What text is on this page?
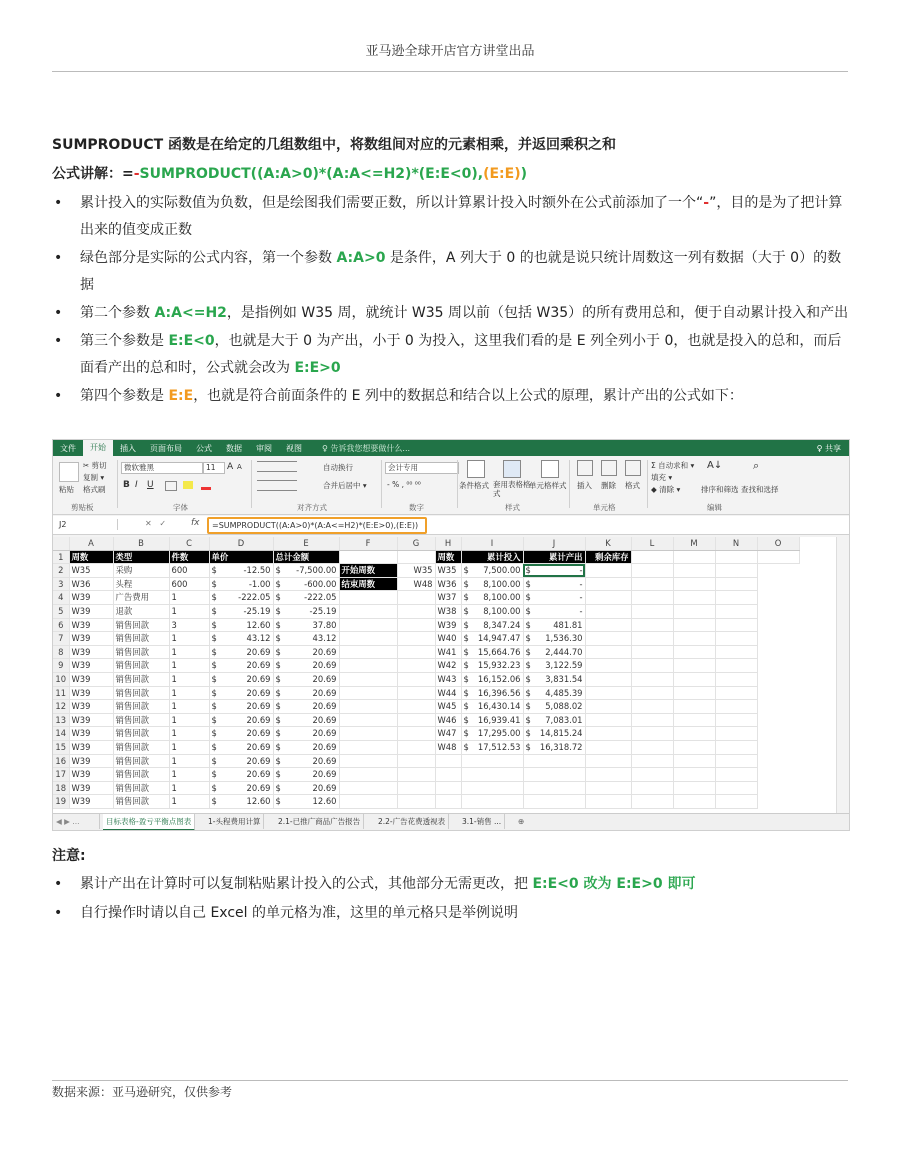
亚马逊全球开店官方讲堂出品
SUMPRODUCT 函数是在给定的几组数组中，将数组间对应的元素相乘，并返回乘积之和
公式讲解：=-SUMPRODUCT((A:A>0)*(A:A<=H2)*(E:E<0),(E:E))
• 累计投入的实际数值为负数，但是绘图我们需要正数，所以计算累计投入时额外在公式前添加了一个“-”，目的是为了把计算出来的值变成正数
• 绿色部分是实际的公式内容，第一个参数 A:A>0 是条件，A 列大于 0 的也就是说只统计周数这一列有数据（大于 0）的数据
• 第二个参数 A:A<=H2，是指例如 W35 周，就统计 W35 周以前（包括 W35）的所有费用总和，便于自动累计投入和产出
• 第三个参数是 E:E<0，也就是大于 0 为产出，小于 0 为投入，这里我们看的是 E 列全列小于 0，也就是投入的总和，而后面看产出的总和时，公式就会改为 E:E>0
• 第四个参数是 E:E，也就是符合前面条件的 E 列中的数据总和结合以上公式的原理，累计产出的公式如下：
文件	开始	插入	页面布局	公式	数据	审阅	视图	♀ 告诉我您想要做什么...	♀ 共享
粘贴
✂ 剪切
复制 ▾
格式刷
剪贴板
微软雅黑	11	A A
B I U
字体
自动换行
合并后居中 ▾
对齐方式
会计专用
- % , ⁰⁰ ⁰⁰
数字
条件格式 套用表格格式
单元格样式
样式
插入 删除 格式
单元格
Σ 自动求和 ▾
填充 ▾
◆ 清除 ▾
A↓
排序和筛选
⌕
查找和选择
编辑
J2	✕   ✓	fx	=SUMPRODUCT((A:A>0)*(A:A<=H2)*(E:E>0),(E:E))
	A	B	C	D	E	F	G	H	I	J	K	L	M	N	O
1	周数	类型	件数	单价	总计金额			周数	累计投入	累计产出	剩余库存				
2	W35	采购	600	$ -12.50	$ -7,500.00	开始周数	W35	W35	$ 7,500.00	$ -					
3	W36	头程	600	$ -1.00	$ -600.00	结束周数	W48	W36	$ 8,100.00	$ -					
4	W39	广告费用	1	$ -222.05	$ -222.05			W37	$ 8,100.00	$ -					
5	W39	退款	1	$ -25.19	$ -25.19			W38	$ 8,100.00	$ -					
6	W39	销售回款	3	$ 12.60	$ 37.80			W39	$ 8,347.24	$ 481.81					
7	W39	销售回款	1	$ 43.12	$ 43.12			W40	$ 14,947.47	$ 1,536.30					
8	W39	销售回款	1	$ 20.69	$ 20.69			W41	$ 15,664.76	$ 2,444.70					
9	W39	销售回款	1	$ 20.69	$ 20.69			W42	$ 15,932.23	$ 3,122.59					
10	W39	销售回款	1	$ 20.69	$ 20.69			W43	$ 16,152.06	$ 3,831.54					
11	W39	销售回款	1	$ 20.69	$ 20.69			W44	$ 16,396.56	$ 4,485.39					
12	W39	销售回款	1	$ 20.69	$ 20.69			W45	$ 16,430.14	$ 5,088.02					
13	W39	销售回款	1	$ 20.69	$ 20.69			W46	$ 16,939.41	$ 7,083.01					
14	W39	销售回款	1	$ 20.69	$ 20.69			W47	$ 17,295.00	$ 14,815.24					
15	W39	销售回款	1	$ 20.69	$ 20.69			W48	$ 17,512.53	$ 16,318.72					
16	W39	销售回款	1	$ 20.69	$ 20.69										
17	W39	销售回款	1	$ 20.69	$ 20.69										
18	W39	销售回款	1	$ 20.69	$ 20.69										
19	W39	销售回款	1	$ 12.60	$ 12.60										
◀ ▶ ...	目标表格-盈亏平衡点图表	1-头程费用计算	2.1-已推广商品广告报告	2.2-广告花费透视表	3.1-销售 ...	⊕
注意:
• 累计产出在计算时可以复制粘贴累计投入的公式，其他部分无需更改，把 E:E<0 改为 E:E>0 即可
• 自行操作时请以自己 Excel 的单元格为准，这里的单元格只是举例说明
数据来源：亚马逊研究，仅供参考
